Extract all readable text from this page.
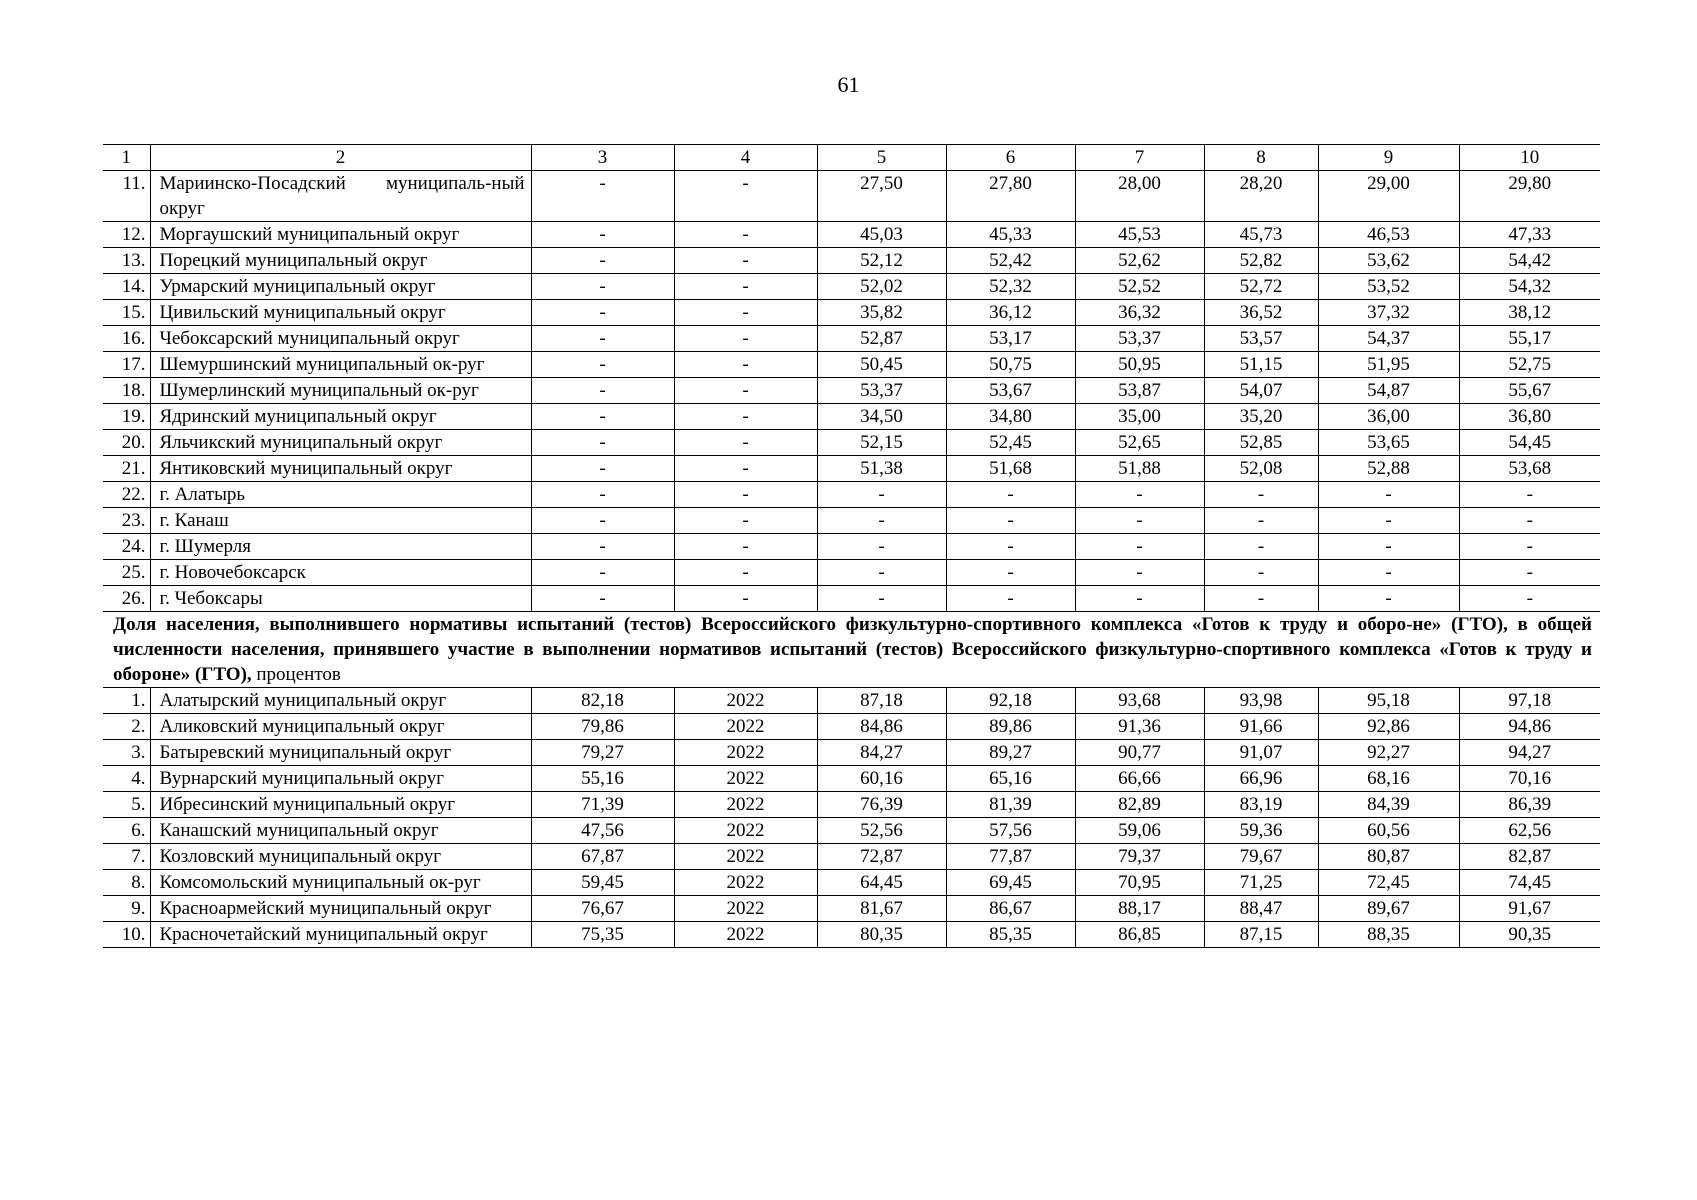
61
1	2	3	4	5	6	7	8	9	10
11.	Мариинско-Посадский муниципаль-ный округ	-	-	27,50	27,80	28,00	28,20	29,00	29,80
12.	Моргаушский муниципальный округ	-	-	45,03	45,33	45,53	45,73	46,53	47,33
13.	Порецкий муниципальный округ	-	-	52,12	52,42	52,62	52,82	53,62	54,42
14.	Урмарский муниципальный округ	-	-	52,02	52,32	52,52	52,72	53,52	54,32
15.	Цивильский муниципальный округ	-	-	35,82	36,12	36,32	36,52	37,32	38,12
16.	Чебоксарский муниципальный округ	-	-	52,87	53,17	53,37	53,57	54,37	55,17
17.	Шемуршинский муниципальный ок-руг	-	-	50,45	50,75	50,95	51,15	51,95	52,75
18.	Шумерлинский муниципальный ок-руг	-	-	53,37	53,67	53,87	54,07	54,87	55,67
19.	Ядринский муниципальный округ	-	-	34,50	34,80	35,00	35,20	36,00	36,80
20.	Яльчикский муниципальный округ	-	-	52,15	52,45	52,65	52,85	53,65	54,45
21.	Янтиковский муниципальный округ	-	-	51,38	51,68	51,88	52,08	52,88	53,68
22.	г. Алатырь	-	-	-	-	-	-	-	-
23.	г. Канаш	-	-	-	-	-	-	-	-
24.	г. Шумерля	-	-	-	-	-	-	-	-
25.	г. Новочебоксарск	-	-	-	-	-	-	-	-
26.	г. Чебоксары	-	-	-	-	-	-	-	-
Доля населения, выполнившего нормативы испытаний (тестов) Всероссийского физкультурно-спортивного комплекса «Готов к труду и оборо-не» (ГТО), в общей численности населения, принявшего участие в выполнении нормативов испытаний (тестов) Всероссийского физкультурно-спортивного комплекса «Готов к труду и обороне» (ГТО), процентов									
1.	Алатырский муниципальный округ	82,18	2022	87,18	92,18	93,68	93,98	95,18	97,18
2.	Аликовский муниципальный округ	79,86	2022	84,86	89,86	91,36	91,66	92,86	94,86
3.	Батыревский муниципальный округ	79,27	2022	84,27	89,27	90,77	91,07	92,27	94,27
4.	Вурнарский муниципальный округ	55,16	2022	60,16	65,16	66,66	66,96	68,16	70,16
5.	Ибресинский муниципальный округ	71,39	2022	76,39	81,39	82,89	83,19	84,39	86,39
6.	Канашский муниципальный округ	47,56	2022	52,56	57,56	59,06	59,36	60,56	62,56
7.	Козловский муниципальный округ	67,87	2022	72,87	77,87	79,37	79,67	80,87	82,87
8.	Комсомольский муниципальный ок-руг	59,45	2022	64,45	69,45	70,95	71,25	72,45	74,45
9.	Красноармейский муниципальный округ	76,67	2022	81,67	86,67	88,17	88,47	89,67	91,67
10.	Красночетайский муниципальный округ	75,35	2022	80,35	85,35	86,85	87,15	88,35	90,35
